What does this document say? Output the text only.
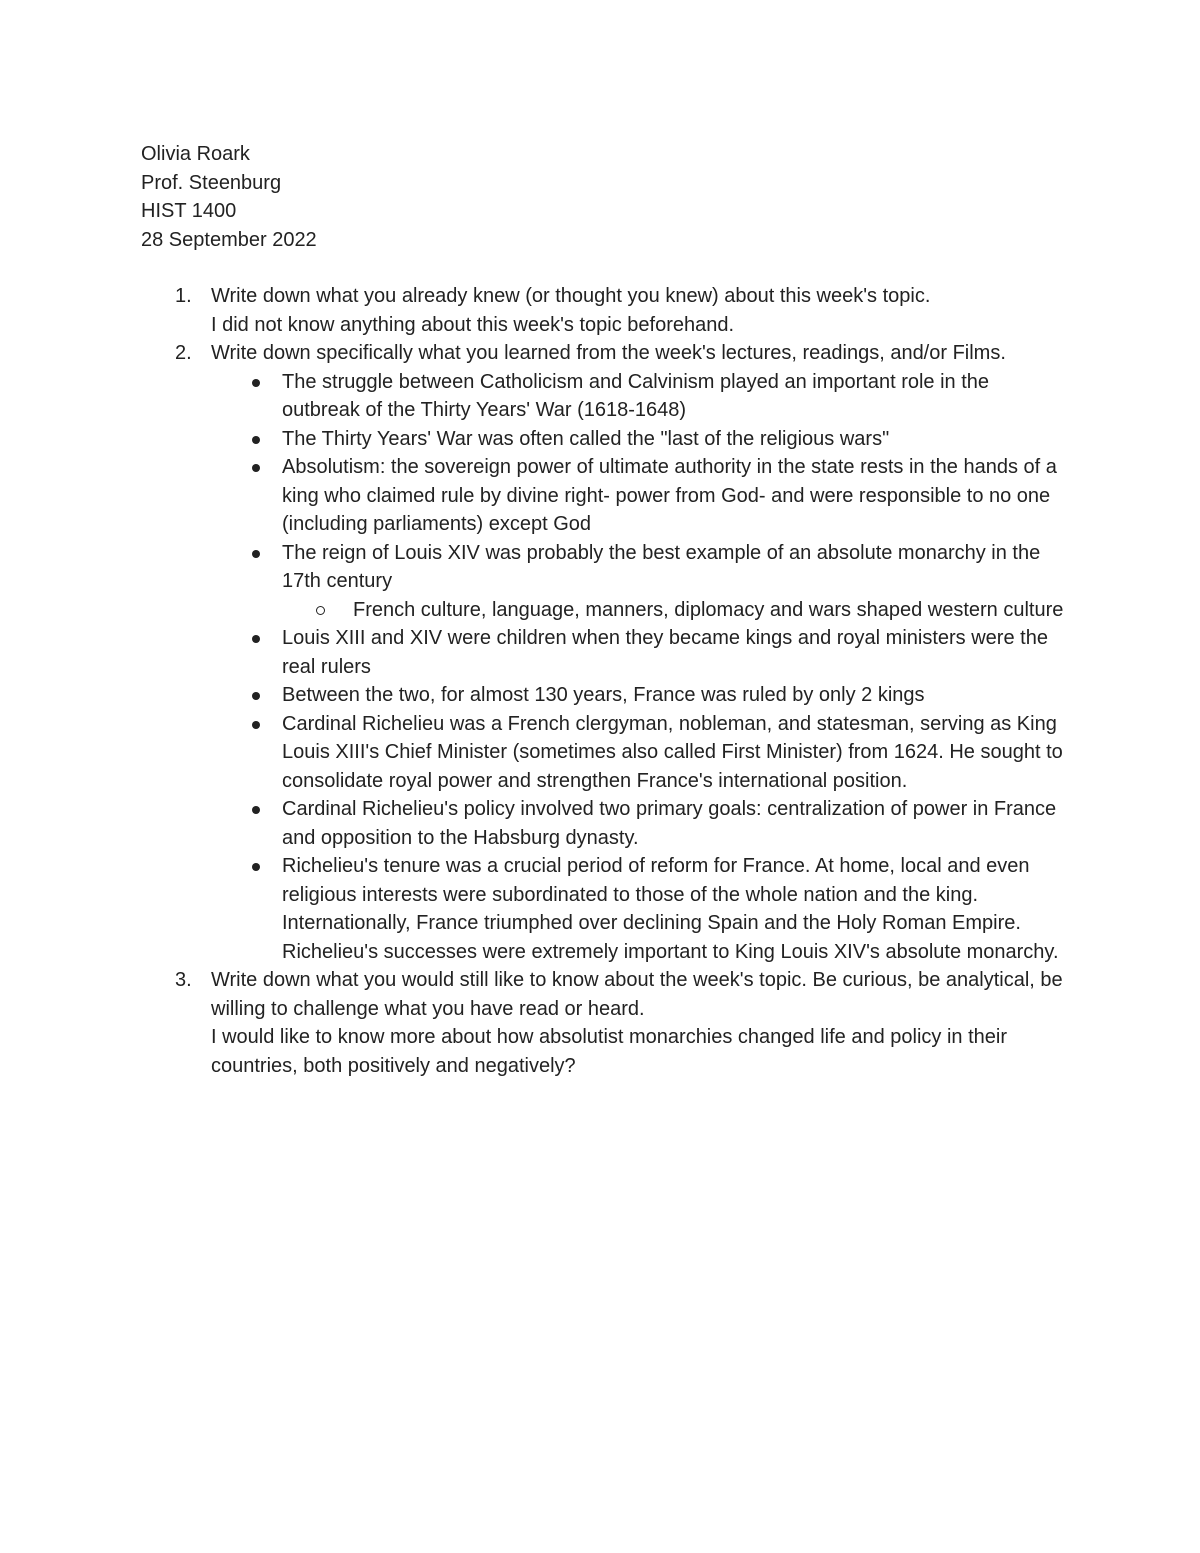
Olivia Roark
Prof. Steenburg
HIST 1400
28 September 2022
1. Write down what you already knew (or thought you knew) about this week's topic.
I did not know anything about this week's topic beforehand.
2. Write down specifically what you learned from the week's lectures, readings, and/or Films.
The struggle between Catholicism and Calvinism played an important role in the outbreak of the Thirty Years' War (1618-1648)
The Thirty Years' War was often called the "last of the religious wars"
Absolutism: the sovereign power of ultimate authority in the state rests in the hands of a king who claimed rule by divine right- power from God- and were responsible to no one (including parliaments) except God
The reign of Louis XIV was probably the best example of an absolute monarchy in the 17th century
French culture, language, manners, diplomacy and wars shaped western culture
Louis XIII and XIV were children when they became kings and royal ministers were the real rulers
Between the two, for almost 130 years, France was ruled by only 2 kings
Cardinal Richelieu was a French clergyman, nobleman, and statesman, serving as King Louis XIII's Chief Minister (sometimes also called First Minister) from 1624. He sought to consolidate royal power and strengthen France's international position.
Cardinal Richelieu's policy involved two primary goals: centralization of power in France and opposition to the Habsburg dynasty.
Richelieu's tenure was a crucial period of reform for France. At home, local and even religious interests were subordinated to those of the whole nation and the king. Internationally, France triumphed over declining Spain and the Holy Roman Empire. Richelieu's successes were extremely important to King Louis XIV's absolute monarchy.
3. Write down what you would still like to know about the week's topic. Be curious, be analytical, be willing to challenge what you have read or heard.
I would like to know more about how absolutist monarchies changed life and policy in their countries, both positively and negatively?
